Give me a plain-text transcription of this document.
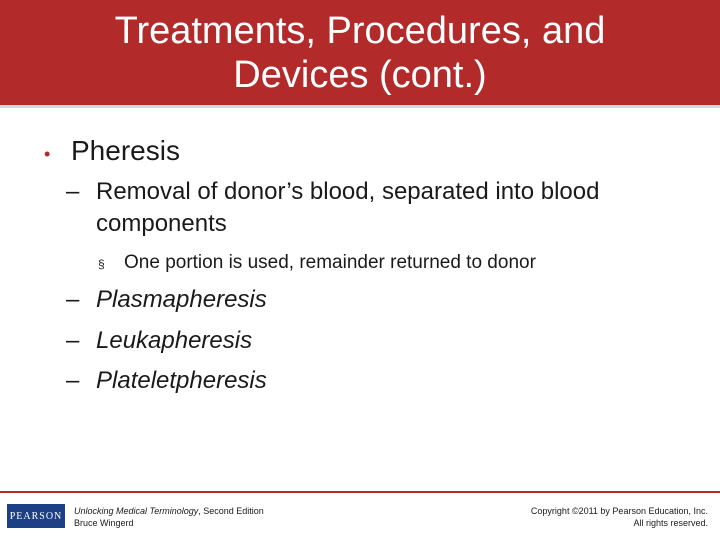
Treatments, Procedures, and
Devices (cont.)
• Pheresis
– Removal of donor’s blood, separated into blood components
§	One portion is used, remainder returned to donor
– Plasmapheresis
– Leukapheresis
– Plateletpheresis
PEARSON	Unlocking Medical Terminology, Second Edition
Bruce Wingerd
Copyright ©2011 by Pearson Education, Inc.
All rights reserved.
